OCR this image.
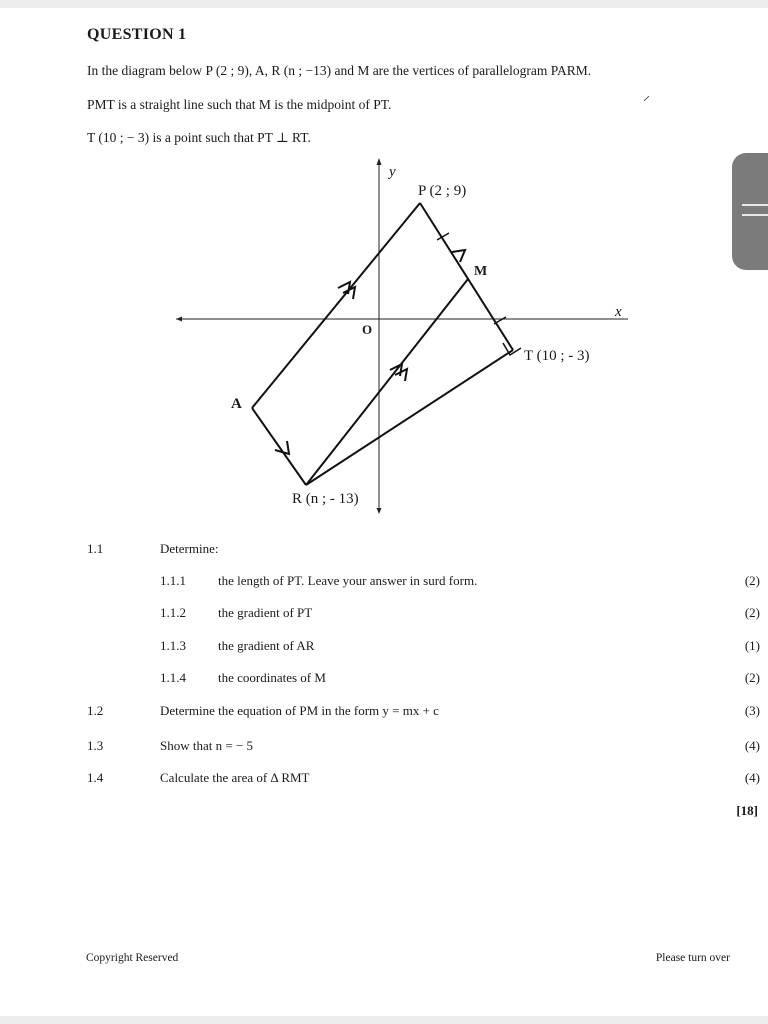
QUESTION 1
In the diagram below P (2 ; 9), A, R (n ; −13) and M are the vertices of parallelogram PARM.
PMT is a straight line such that M is the midpoint of PT.
T (10 ; − 3) is a point such that PT ⊥ RT.
⸝
y
x
O
P (2 ; 9)
M
T (10 ; - 3)
A
R (n ; - 13)
1.1	Determine:
1.1.1 the length of PT. Leave your answer in surd form.	(2)
1.1.2 the gradient of PT	(2)
1.1.3 the gradient of AR	(1)
1.1.4 the coordinates of M	(2)
1.2	Determine the equation of PM in the form y = mx + c	(3)
1.3	Show that n = − 5	(4)
1.4	Calculate the area of Δ RMT	(4)
[18]
Copyright Reserved	Please turn over
